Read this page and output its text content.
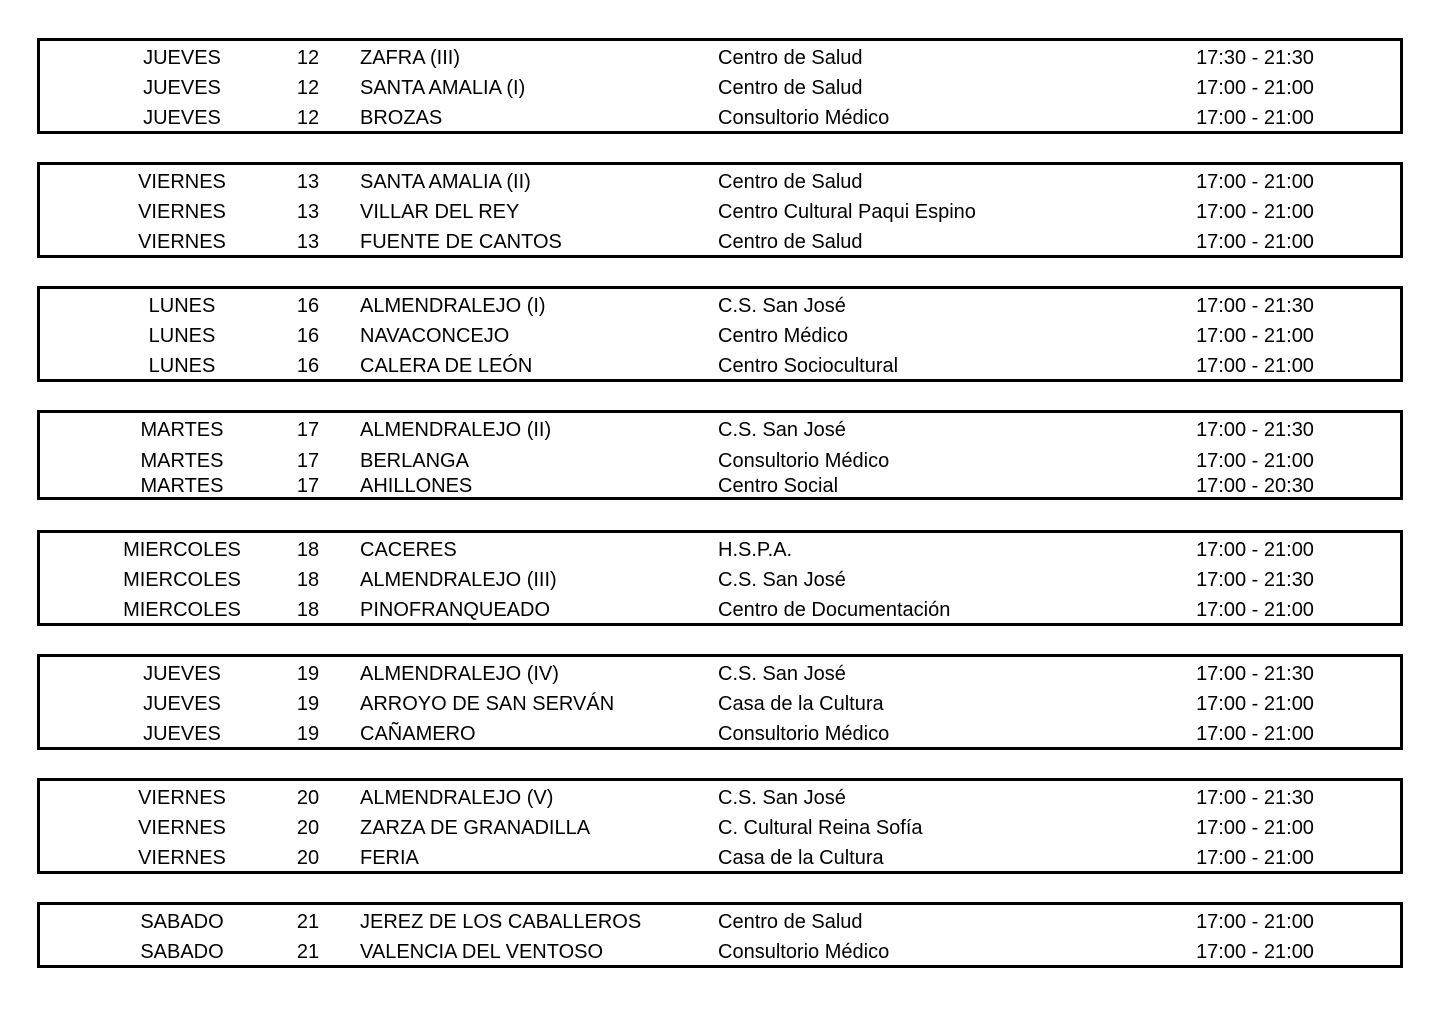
JUEVES	12	ZAFRA (III)	Centro de Salud	17:30 - 21:30
JUEVES	12	SANTA AMALIA (I)	Centro de Salud	17:00 - 21:00
JUEVES	12	BROZAS	Consultorio Médico	17:00 - 21:00
VIERNES	13	SANTA AMALIA (II)	Centro de Salud	17:00 - 21:00
VIERNES	13	VILLAR DEL REY	Centro Cultural Paqui Espino	17:00 - 21:00
VIERNES	13	FUENTE DE CANTOS	Centro de Salud	17:00 - 21:00
LUNES	16	ALMENDRALEJO (I)	C.S. San José	17:00 - 21:30
LUNES	16	NAVACONCEJO	Centro Médico	17:00 - 21:00
LUNES	16	CALERA DE LEÓN	Centro Sociocultural	17:00 - 21:00
MARTES	17	ALMENDRALEJO (II)	C.S. San José	17:00 - 21:30
MARTES	17	BERLANGA	Consultorio Médico	17:00 - 21:00
MARTES	17	AHILLONES	Centro Social	17:00 - 20:30
MIERCOLES	18	CACERES	H.S.P.A.	17:00 - 21:00
MIERCOLES	18	ALMENDRALEJO (III)	C.S. San José	17:00 - 21:30
MIERCOLES	18	PINOFRANQUEADO	Centro de Documentación	17:00 - 21:00
JUEVES	19	ALMENDRALEJO (IV)	C.S. San José	17:00 - 21:30
JUEVES	19	ARROYO DE SAN SERVÁN	Casa de la Cultura	17:00 - 21:00
JUEVES	19	CAÑAMERO	Consultorio Médico	17:00 - 21:00
VIERNES	20	ALMENDRALEJO (V)	C.S. San José	17:00 - 21:30
VIERNES	20	ZARZA DE GRANADILLA	C. Cultural Reina Sofía	17:00 - 21:00
VIERNES	20	FERIA	Casa de la Cultura	17:00 - 21:00
SABADO	21	JEREZ DE LOS CABALLEROS	Centro de Salud	17:00 - 21:00
SABADO	21	VALENCIA DEL VENTOSO	Consultorio Médico	17:00 - 21:00
